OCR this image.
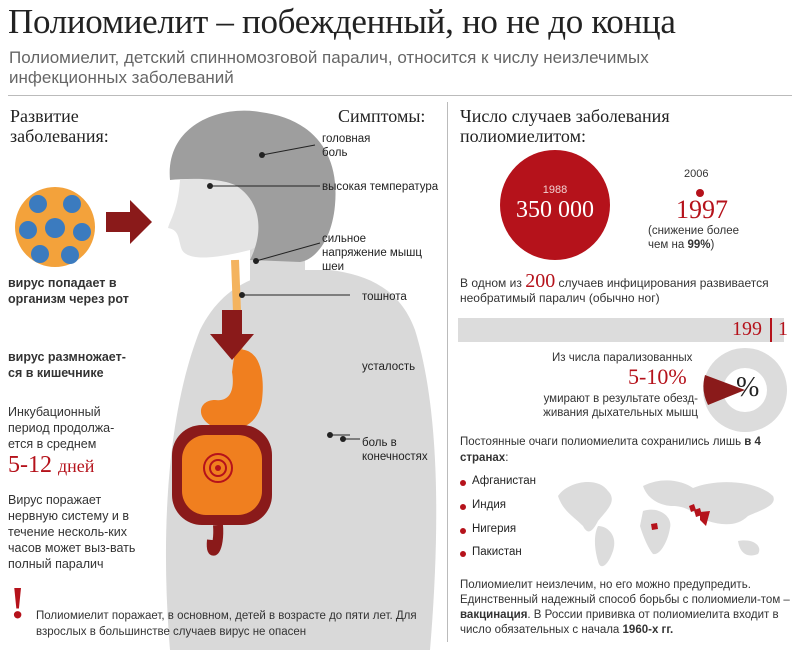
Полиомиелит – побежденный, но не до конца
Полиомиелит, детский спинномозговой паралич, относится к числу неизлечимых инфекционных заболеваний
Развитие заболевания:
Симптомы:
головная боль
высокая температура
сильное напряжение мышц шеи
тошнота
усталость
боль в конечностях
вирус попадает в организм через рот
вирус размножает-ся в кишечнике
Инкубационный период продолжа-ется в среднем
5-12 дней
Вирус поражает нервную систему и в течение несколь-ких часов может выз-вать полный паралич
! Полиомиелит поражает, в основном, детей в возрасте до пяти лет. Для взрослых в большинстве случаев вирус не опасен
Число случаев заболевания полиомиелитом:
1988
350 000
2006
1997
(снижение более чем на 99%)
В одном из 200 случаев инфицирования развивается необратимый паралич (обычно ног)
199 1
%
Из числа парализованных
5-10%
умирают в результате обезд-живания дыхательных мышц
Постоянные очаги полиомиелита сохранились лишь в 4 странах:
Афганистан
Индия
Нигерия
Пакистан
Полиомиелит неизлечим, но его можно предупредить. Единственный надежный способ борьбы с полиомиели-том – вакцинация. В России прививка от полиомиелита входит в число обязательных с начала 1960-х гг.
